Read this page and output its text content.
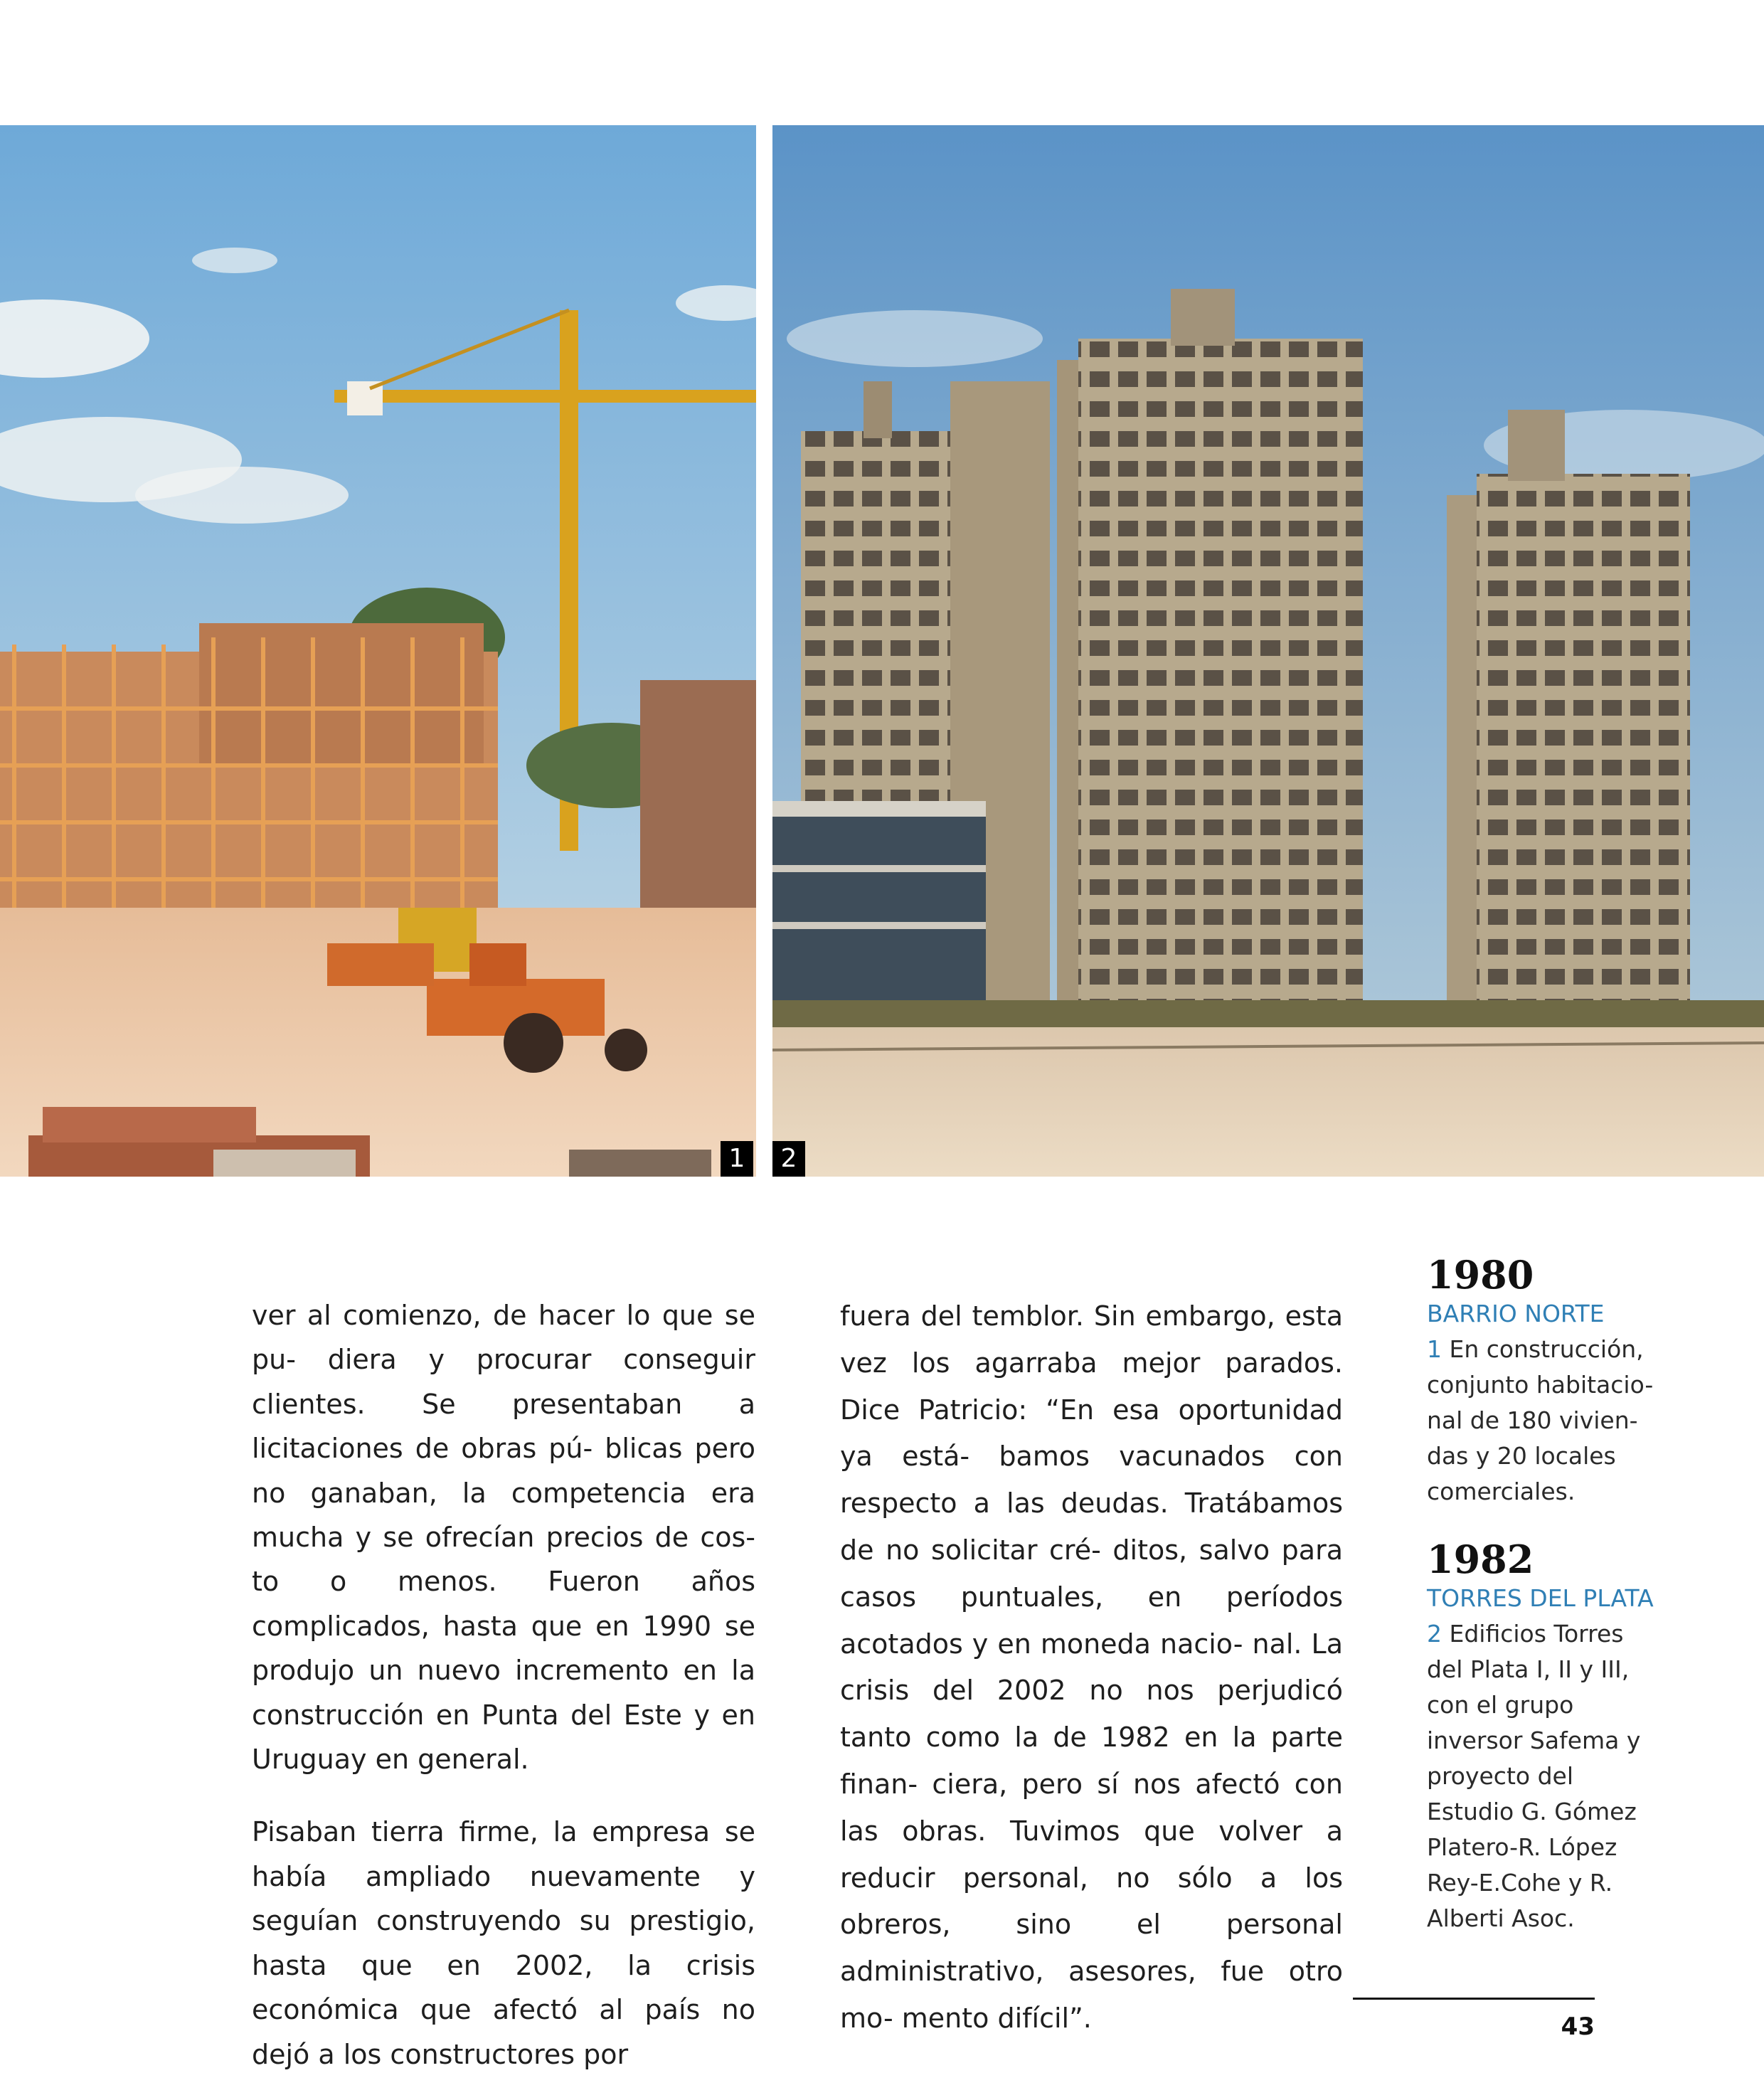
1	2

ver al comienzo, de hacer lo que se pu- diera y procurar conseguir clientes. Se presentaban a licitaciones de obras pú- blicas pero no ganaban, la competencia era mucha y se ofrecían precios de cos- to o menos. Fueron años complicados, hasta que en 1990 se produjo un nuevo incremento en la construcción en Punta del Este y en Uruguay en general.

Pisaban tierra firme, la empresa se había ampliado nuevamente y seguían construyendo su prestigio, hasta que en 2002, la crisis económica que afectó al país no dejó a los constructores por

fuera del temblor. Sin embargo, esta vez los agarraba mejor parados. Dice Patricio: “En esa oportunidad ya está- bamos vacunados con respecto a las deudas. Tratábamos de no solicitar cré- ditos, salvo para casos puntuales, en períodos acotados y en moneda nacio- nal. La crisis del 2002 no nos perjudicó tanto como la de 1982 en la parte finan- ciera, pero sí nos afectó con las obras. Tuvimos que volver a reducir personal, no sólo a los obreros, sino el personal administrativo, asesores, fue otro mo- mento difícil”.

1980

BARRIO NORTE

1 En construcción, conjunto habitacio- nal de 180 vivien- das y 20 locales comerciales.

1982

TORRES DEL PLATA

2 Edificios Torres del Plata I, II y III, con el grupo inversor Safema y proyecto del Estudio G. Gómez Platero-R. López Rey-E.Cohe y R. Alberti Asoc.

43
